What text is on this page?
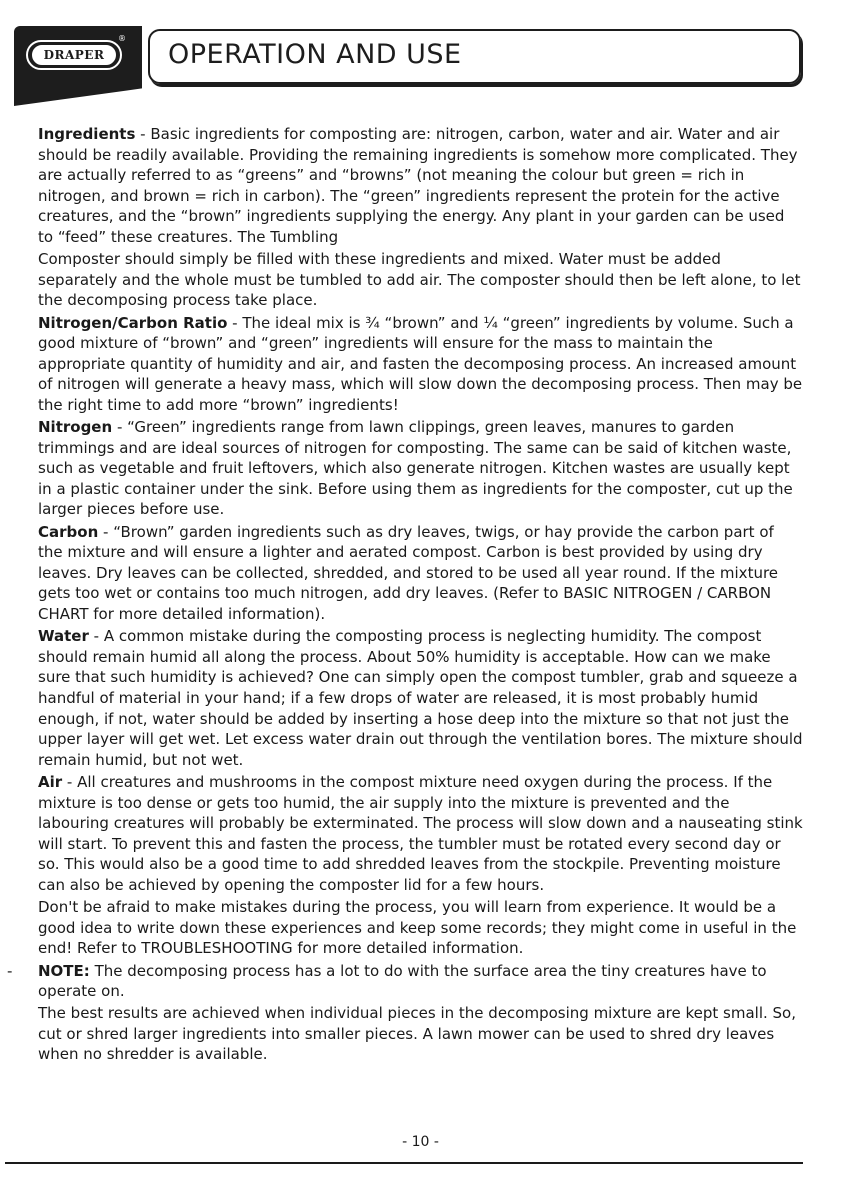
DRAPER
®
OPERATION AND USE

Ingredients - Basic ingredients for composting are: nitrogen, carbon, water and air. Water and air should be readily available. Providing the remaining ingredients is somehow more complicated. They are actually referred to as “greens” and “browns” (not meaning the colour but green = rich in nitrogen, and brown = rich in carbon). The “green” ingredients represent the protein for the active creatures, and the “brown” ingredients supplying the energy. Any plant in your garden can be used to “feed” these creatures. The Tumbling

Composter should simply be filled with these ingredients and mixed. Water must be added separately and the whole must be tumbled to add air. The composter should then be left alone, to let the decomposing process take place.

Nitrogen/Carbon Ratio - The ideal mix is ¾ “brown” and ¼ “green” ingredients by volume. Such a good mixture of “brown” and “green” ingredients will ensure for the mass to maintain the appropriate quantity of humidity and air, and fasten the decomposing process. An increased amount of nitrogen will generate a heavy mass, which will slow down the decomposing process. Then may be the right time to add more “brown” ingredients!

Nitrogen - “Green” ingredients range from lawn clippings, green leaves, manures to garden trimmings and are ideal sources of nitrogen for composting. The same can be said of kitchen waste, such as vegetable and fruit leftovers, which also generate nitrogen. Kitchen wastes are usually kept in a plastic container under the sink. Before using them as ingredients for the composter, cut up the larger pieces before use.

Carbon - “Brown” garden ingredients such as dry leaves, twigs, or hay provide the carbon part of the mixture and will ensure a lighter and aerated compost. Carbon is best provided by using dry leaves. Dry leaves can be collected, shredded, and stored to be used all year round. If the mixture gets too wet or contains too much nitrogen, add dry leaves. (Refer to BASIC NITROGEN / CARBON CHART for more detailed information).

Water - A common mistake during the composting process is neglecting humidity. The compost should remain humid all along the process. About 50% humidity is acceptable. How can we make sure that such humidity is achieved? One can simply open the compost tumbler, grab and squeeze a handful of material in your hand; if a few drops of water are released, it is most probably humid enough, if not, water should be added by inserting a hose deep into the mixture so that not just the upper layer will get wet. Let excess water drain out through the ventilation bores. The mixture should remain humid, but not wet.

Air - All creatures and mushrooms in the compost mixture need oxygen during the process. If the mixture is too dense or gets too humid, the air supply into the mixture is prevented and the labouring creatures will probably be exterminated. The process will slow down and a nauseating stink will start. To prevent this and fasten the process, the tumbler must be rotated every second day or so. This would also be a good time to add shredded leaves from the stockpile. Preventing moisture can also be achieved by opening the composter lid for a few hours.

Don't be afraid to make mistakes during the process, you will learn from experience. It would be a good idea to write down these experiences and keep some records; they might come in useful in the end! Refer to TROUBLESHOOTING for more detailed information.

- NOTE: The decomposing process has a lot to do with the surface area the tiny creatures have to operate on.

The best results are achieved when individual pieces in the decomposing mixture are kept small. So, cut or shred larger ingredients into smaller pieces. A lawn mower can be used to shred dry leaves when no shredder is available.

- 10 -
